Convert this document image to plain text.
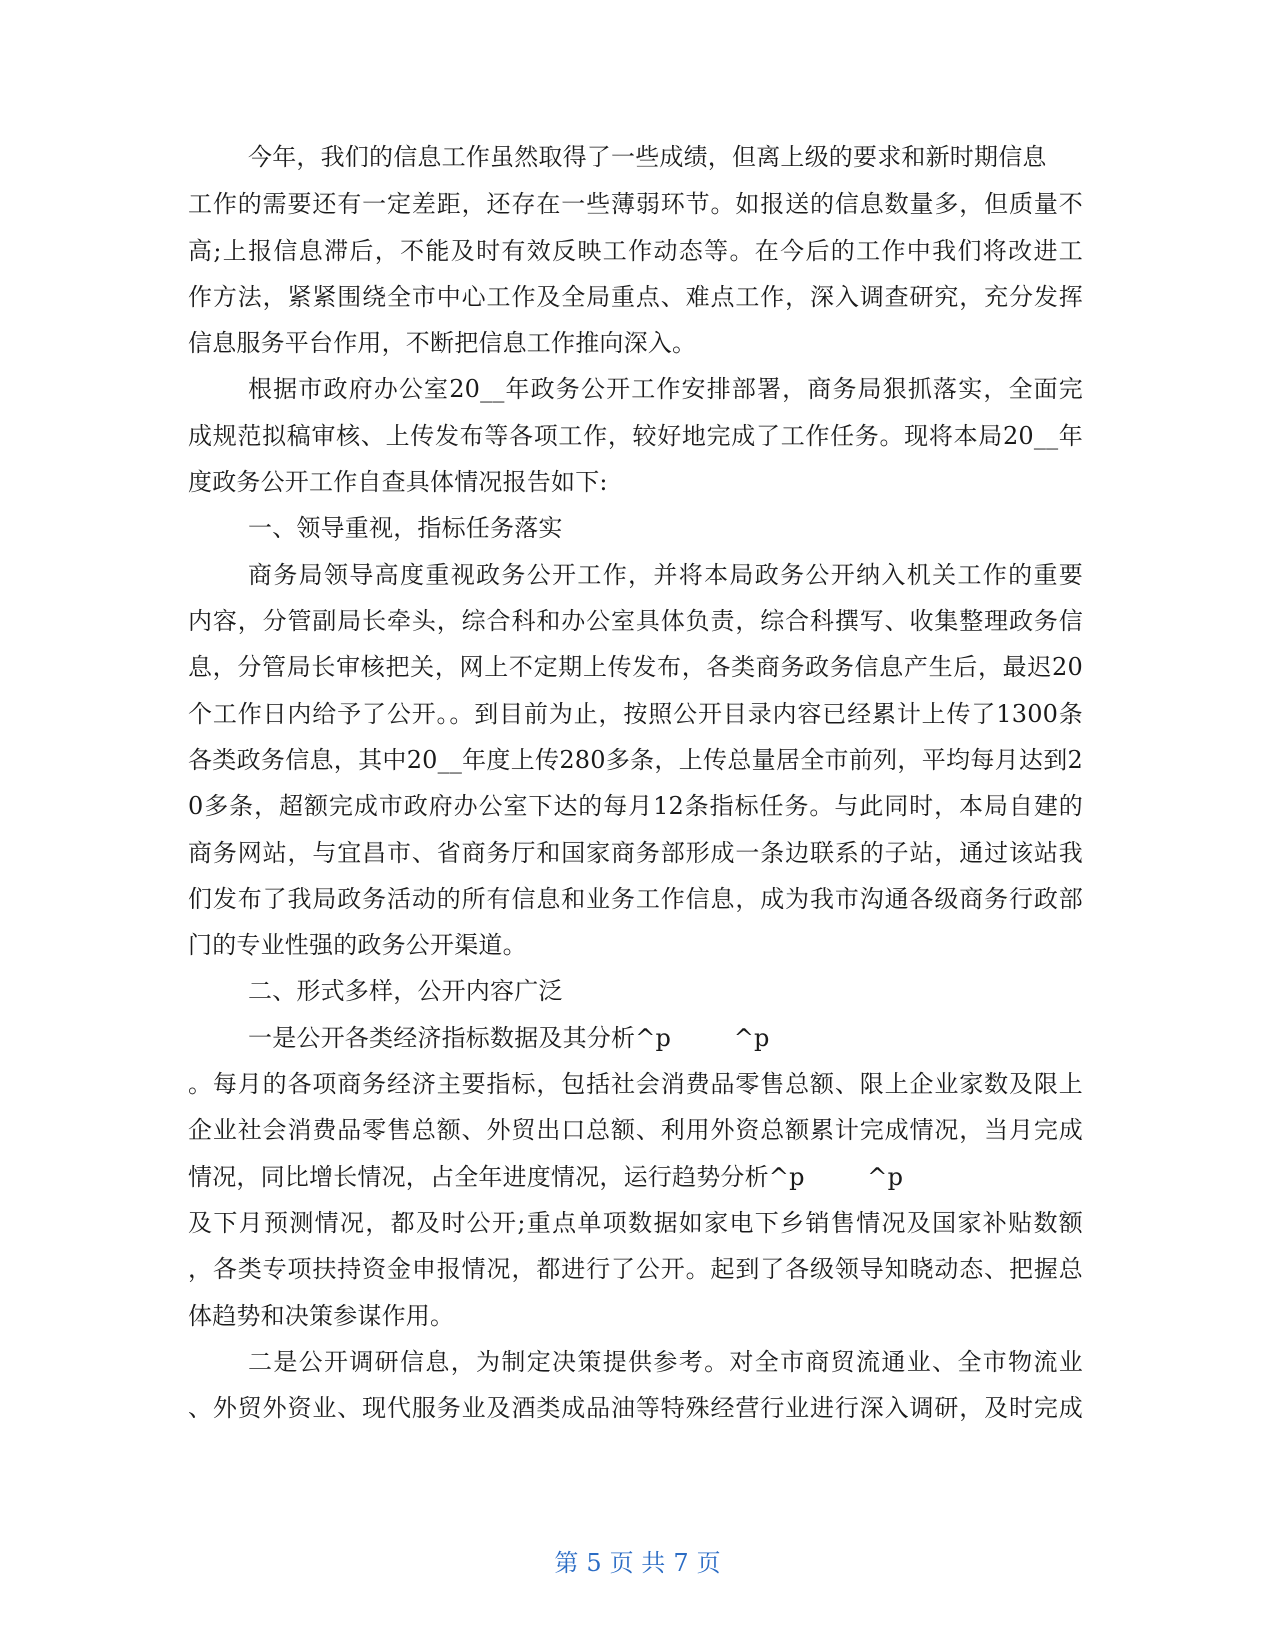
今年，我们的信息工作虽然取得了一些成绩，但离上级的要求和新时期信息
工作的需要还有一定差距，还存在一些薄弱环节。如报送的信息数量多，但质量不
高;上报信息滞后，不能及时有效反映工作动态等。在今后的工作中我们将改进工
作方法，紧紧围绕全市中心工作及全局重点、难点工作，深入调查研究，充分发挥
信息服务平台作用，不断把信息工作推向深入。
根据市政府办公室20__年政务公开工作安排部署，商务局狠抓落实，全面完
成规范拟稿审核、上传发布等各项工作，较好地完成了工作任务。现将本局20__年
度政务公开工作自查具体情况报告如下:
一、领导重视，指标任务落实
商务局领导高度重视政务公开工作，并将本局政务公开纳入机关工作的重要
内容，分管副局长牵头，综合科和办公室具体负责，综合科撰写、收集整理政务信
息，分管局长审核把关，网上不定期上传发布，各类商务政务信息产生后，最迟20
个工作日内给予了公开。。到目前为止，按照公开目录内容已经累计上传了1300条
各类政务信息，其中20__年度上传280多条，上传总量居全市前列，平均每月达到2
0多条，超额完成市政府办公室下达的每月12条指标任务。与此同时，本局自建的
商务网站，与宜昌市、省商务厅和国家商务部形成一条边联系的子站，通过该站我
们发布了我局政务活动的所有信息和业务工作信息，成为我市沟通各级商务行政部
门的专业性强的政务公开渠道。
二、形式多样，公开内容广泛
一是公开各类经济指标数据及其分析^p        ^p
。每月的各项商务经济主要指标，包括社会消费品零售总额、限上企业家数及限上
企业社会消费品零售总额、外贸出口总额、利用外资总额累计完成情况，当月完成
情况，同比增长情况，占全年进度情况，运行趋势分析^p        ^p
及下月预测情况，都及时公开;重点单项数据如家电下乡销售情况及国家补贴数额
，各类专项扶持资金申报情况，都进行了公开。起到了各级领导知晓动态、把握总
体趋势和决策参谋作用。
二是公开调研信息，为制定决策提供参考。对全市商贸流通业、全市物流业
、外贸外资业、现代服务业及酒类成品油等特殊经营行业进行深入调研，及时完成
第 5 页 共 7 页
